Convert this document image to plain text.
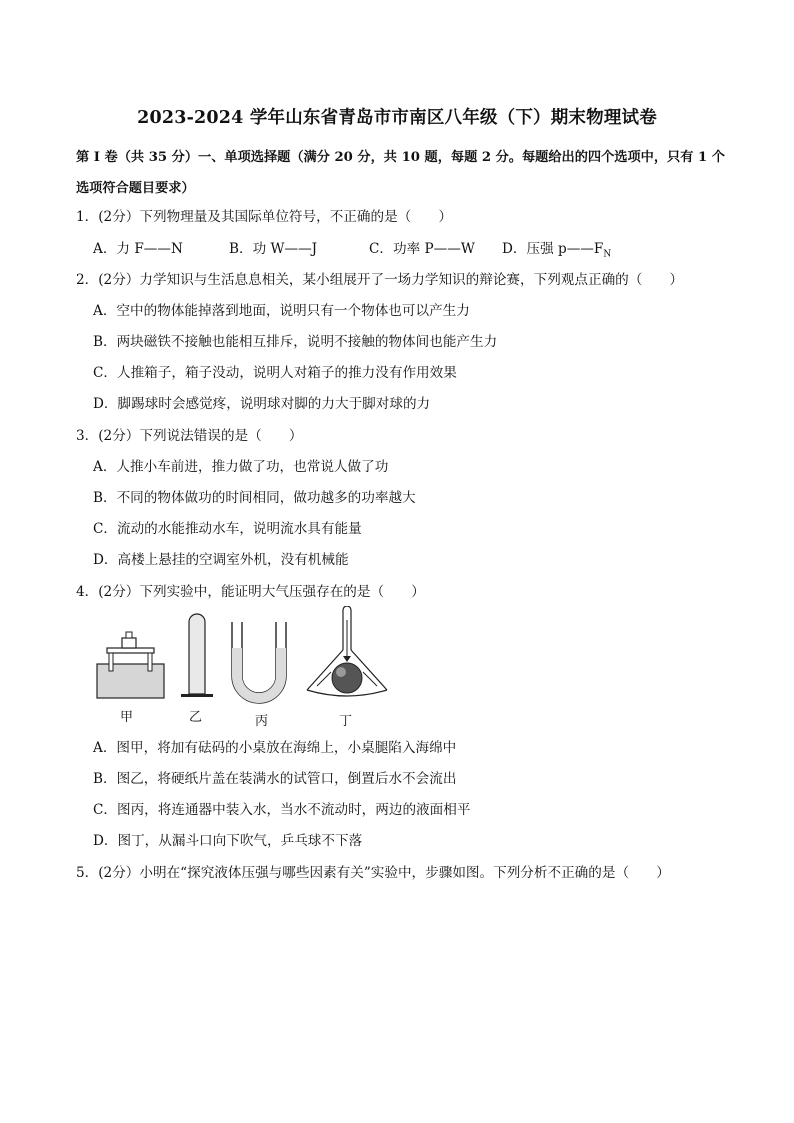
2023-2024 学年山东省青岛市市南区八年级（下）期末物理试卷
第 I 卷（共 35 分）一、单项选择题（满分 20 分，共 10 题，每题 2 分。每题给出的四个选项中，只有 1 个选项符合题目要求）
1．(2分）下列物理量及其国际单位符号，不正确的是（　　）
A．力 F——N	B．功 W——J	C．功率 P——W D．压强 $p——F_N$
2．(2分）力学知识与生活息息相关，某小组展开了一场力学知识的辩论赛，下列观点正确的（　　）
A．空中的物体能掉落到地面，说明只有一个物体也可以产生力
B．两块磁铁不接触也能相互排斥，说明不接触的物体间也能产生力
C．人推箱子，箱子没动，说明人对箱子的推力没有作用效果
D．脚踢球时会感觉疼，说明球对脚的力大于脚对球的力
3．(2分）下列说法错误的是（　　）
A．人推小车前进，推力做了功，也常说人做了功
B．不同的物体做功的时间相同，做功越多的功率越大
C．流动的水能推动水车，说明流水具有能量
D．高楼上悬挂的空调室外机，没有机械能
4．(2分）下列实验中，能证明大气压强存在的是（　　）
甲	乙	丙	丁
A．图甲，将加有砝码的小桌放在海绵上，小桌腿陷入海绵中
B．图乙，将硬纸片盖在装满水的试管口，倒置后水不会流出
C．图丙，将连通器中装入水，当水不流动时，两边的液面相平
D．图丁，从漏斗口向下吹气，乒乓球不下落
5．(2分）小明在“探究液体压强与哪些因素有关”实验中，步骤如图。下列分析不正确的是（　　）
